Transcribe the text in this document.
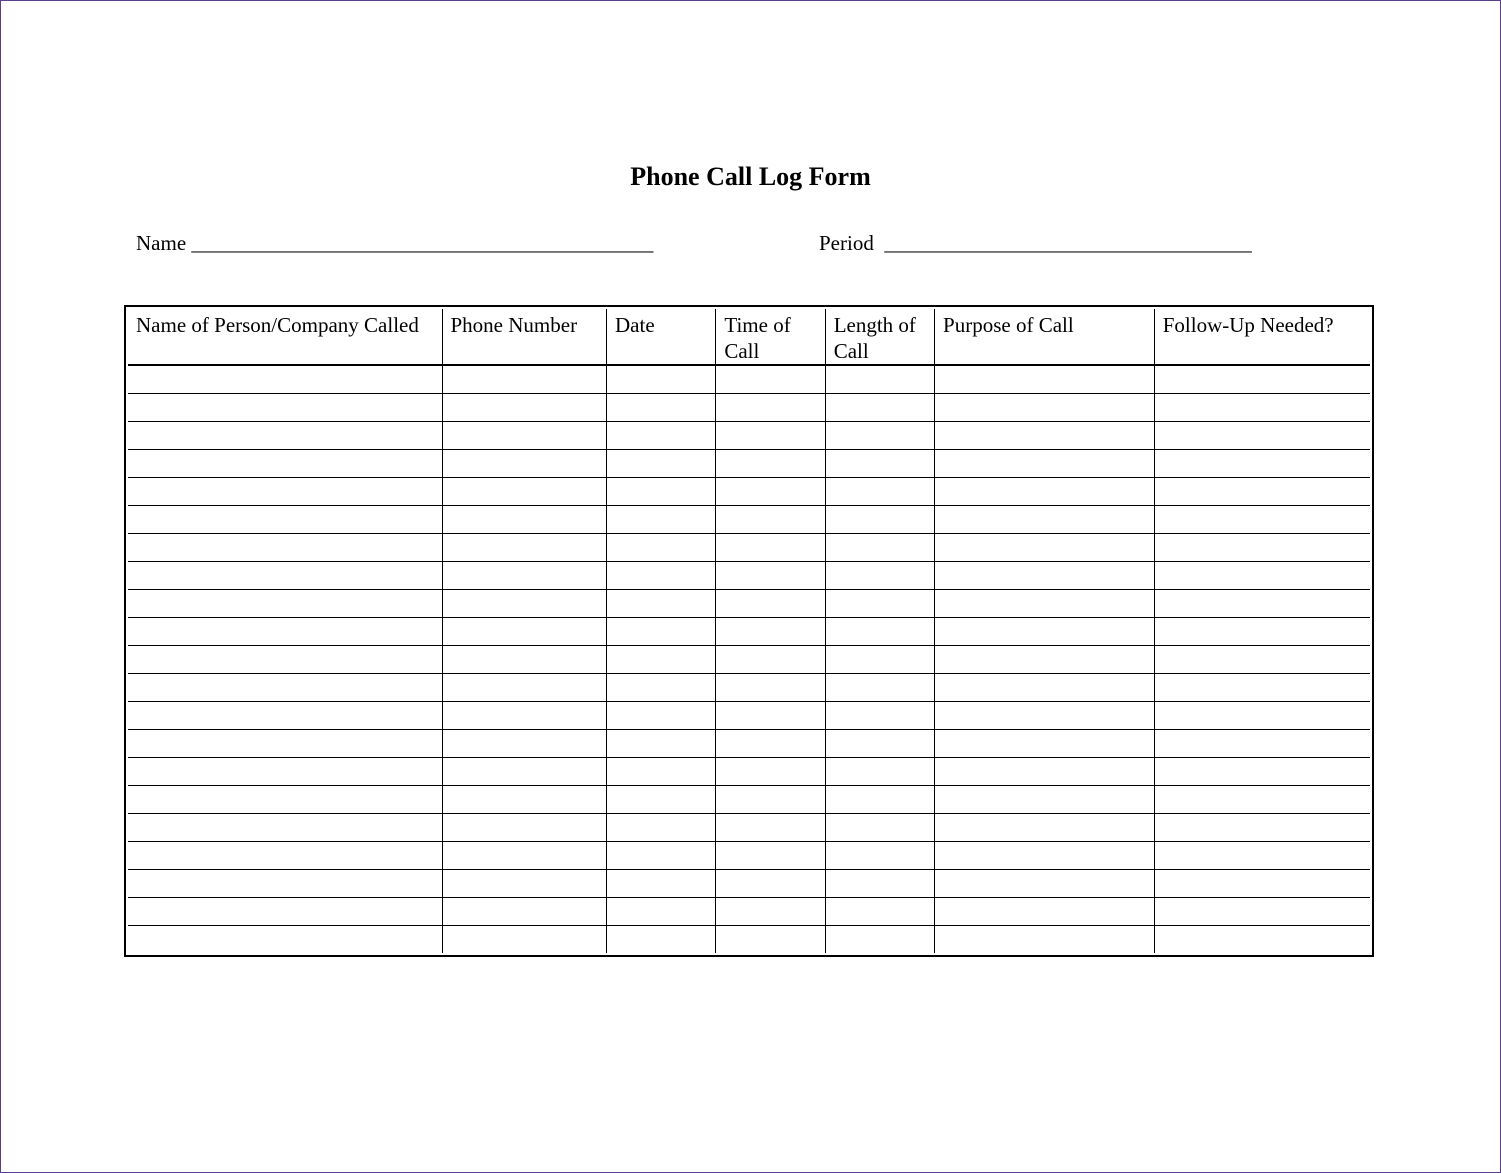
Phone Call Log Form
Name ____________________________________________	Period  ___________________________________
Name of Person/Company Called	Phone Number	Date	Time of Call	Length of Call	Purpose of Call	Follow-Up Needed?
